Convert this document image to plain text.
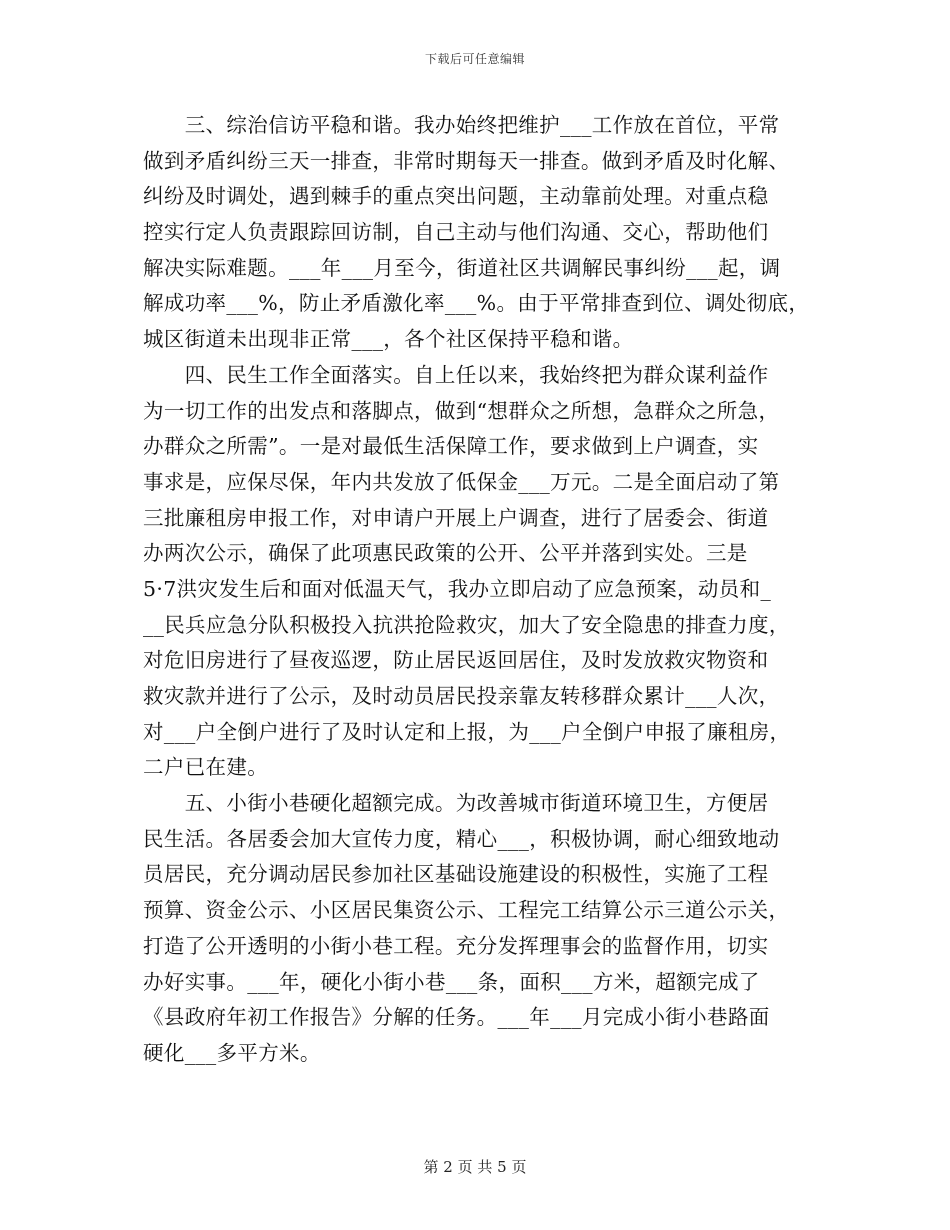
下载后可任意编辑
　　三、综治信访平稳和谐。我办始终把维护___工作放在首位，平常
做到矛盾纠纷三天一排查，非常时期每天一排查。做到矛盾及时化解、
纠纷及时调处，遇到棘手的重点突出问题，主动靠前处理。对重点稳
控实行定人负责跟踪回访制，自己主动与他们沟通、交心，帮助他们
解决实际难题。___年___月至今，街道社区共调解民事纠纷___起，调
解成功率___%，防止矛盾激化率___%。由于平常排查到位、调处彻底，
城区街道未出现非正常___，各个社区保持平稳和谐。
　　四、民生工作全面落实。自上任以来，我始终把为群众谋利益作
为一切工作的出发点和落脚点，做到“想群众之所想，急群众之所急，
办群众之所需”。一是对最低生活保障工作，要求做到上户调查，实
事求是，应保尽保，年内共发放了低保金___万元。二是全面启动了第
三批廉租房申报工作，对申请户开展上户调查，进行了居委会、街道
办两次公示，确保了此项惠民政策的公开、公平并落到实处。三是
5·7洪灾发生后和面对低温天气，我办立即启动了应急预案，动员和_
__民兵应急分队积极投入抗洪抢险救灾，加大了安全隐患的排查力度，
对危旧房进行了昼夜巡逻，防止居民返回居住，及时发放救灾物资和
救灾款并进行了公示，及时动员居民投亲靠友转移群众累计___人次，
对___户全倒户进行了及时认定和上报，为___户全倒户申报了廉租房，
二户已在建。
　　五、小街小巷硬化超额完成。为改善城市街道环境卫生，方便居
民生活。各居委会加大宣传力度，精心___，积极协调，耐心细致地动
员居民，充分调动居民参加社区基础设施建设的积极性，实施了工程
预算、资金公示、小区居民集资公示、工程完工结算公示三道公示关，
打造了公开透明的小街小巷工程。充分发挥理事会的监督作用，切实
办好实事。___年，硬化小街小巷___条，面积___方米，超额完成了
《县政府年初工作报告》分解的任务。___年___月完成小街小巷路面
硬化___多平方米。
第 2 页 共 5 页
